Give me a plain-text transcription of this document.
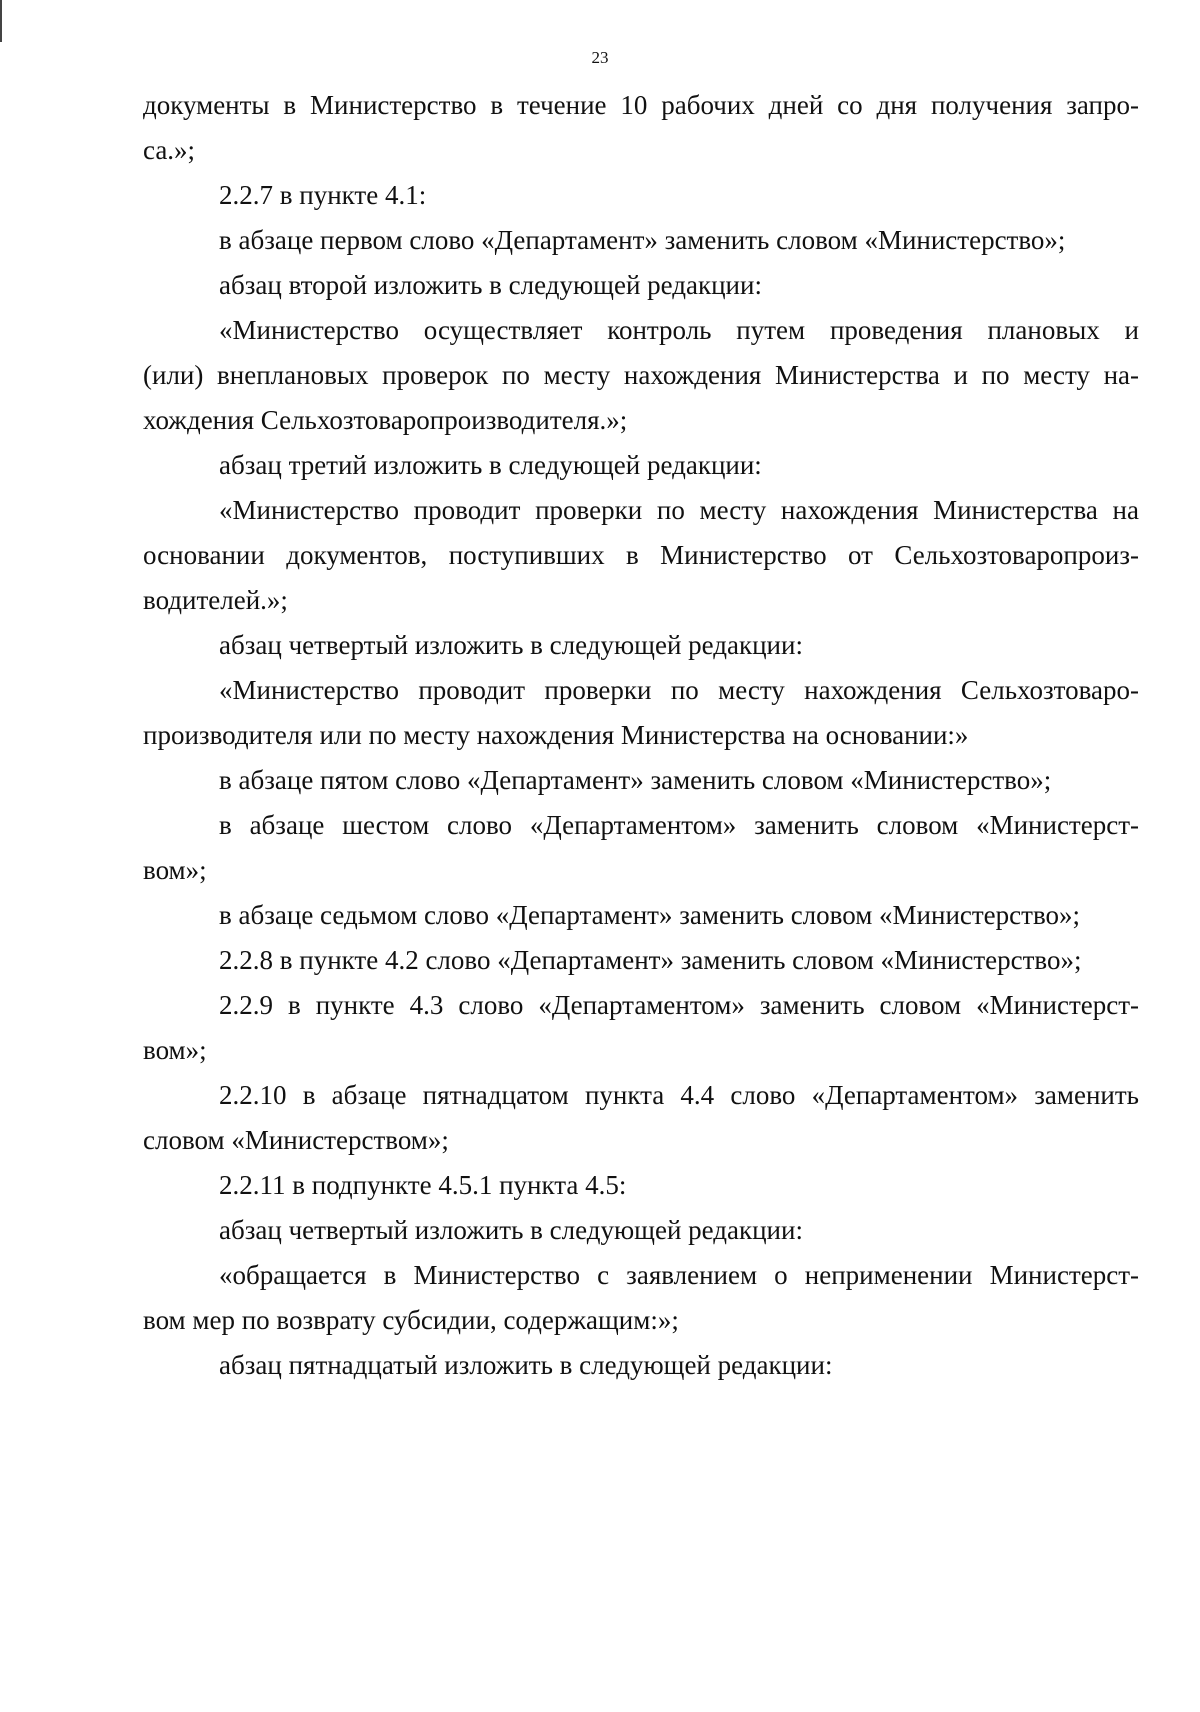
23
документы в Министерство в течение 10 рабочих дней со дня получения запро-
са.»;
2.2.7 в пункте 4.1:
в абзаце первом слово «Департамент» заменить словом «Министерство»;
абзац второй изложить в следующей редакции:
«Министерство осуществляет контроль путем проведения плановых и
(или) внеплановых проверок по месту нахождения Министерства и по месту на-
хождения Сельхозтоваропроизводителя.»;
абзац третий изложить в следующей редакции:
«Министерство проводит проверки по месту нахождения Министерства на
основании документов, поступивших в Министерство от Сельхозтоваропроиз-
водителей.»;
абзац четвертый изложить в следующей редакции:
«Министерство проводит проверки по месту нахождения Сельхозтоваро-
производителя или по месту нахождения Министерства на основании:»
в абзаце пятом слово «Департамент» заменить словом «Министерство»;
в абзаце шестом слово «Департаментом» заменить словом «Министерст-
вом»;
в абзаце седьмом слово «Департамент» заменить словом «Министерство»;
2.2.8 в пункте 4.2 слово «Департамент» заменить словом «Министерство»;
2.2.9 в пункте 4.3 слово «Департаментом» заменить словом «Министерст-
вом»;
2.2.10 в абзаце пятнадцатом пункта 4.4 слово «Департаментом» заменить
словом «Министерством»;
2.2.11 в подпункте 4.5.1 пункта 4.5:
абзац четвертый изложить в следующей редакции:
«обращается в Министерство с заявлением о неприменении Министерст-
вом мер по возврату субсидии, содержащим:»;
абзац пятнадцатый изложить в следующей редакции:
